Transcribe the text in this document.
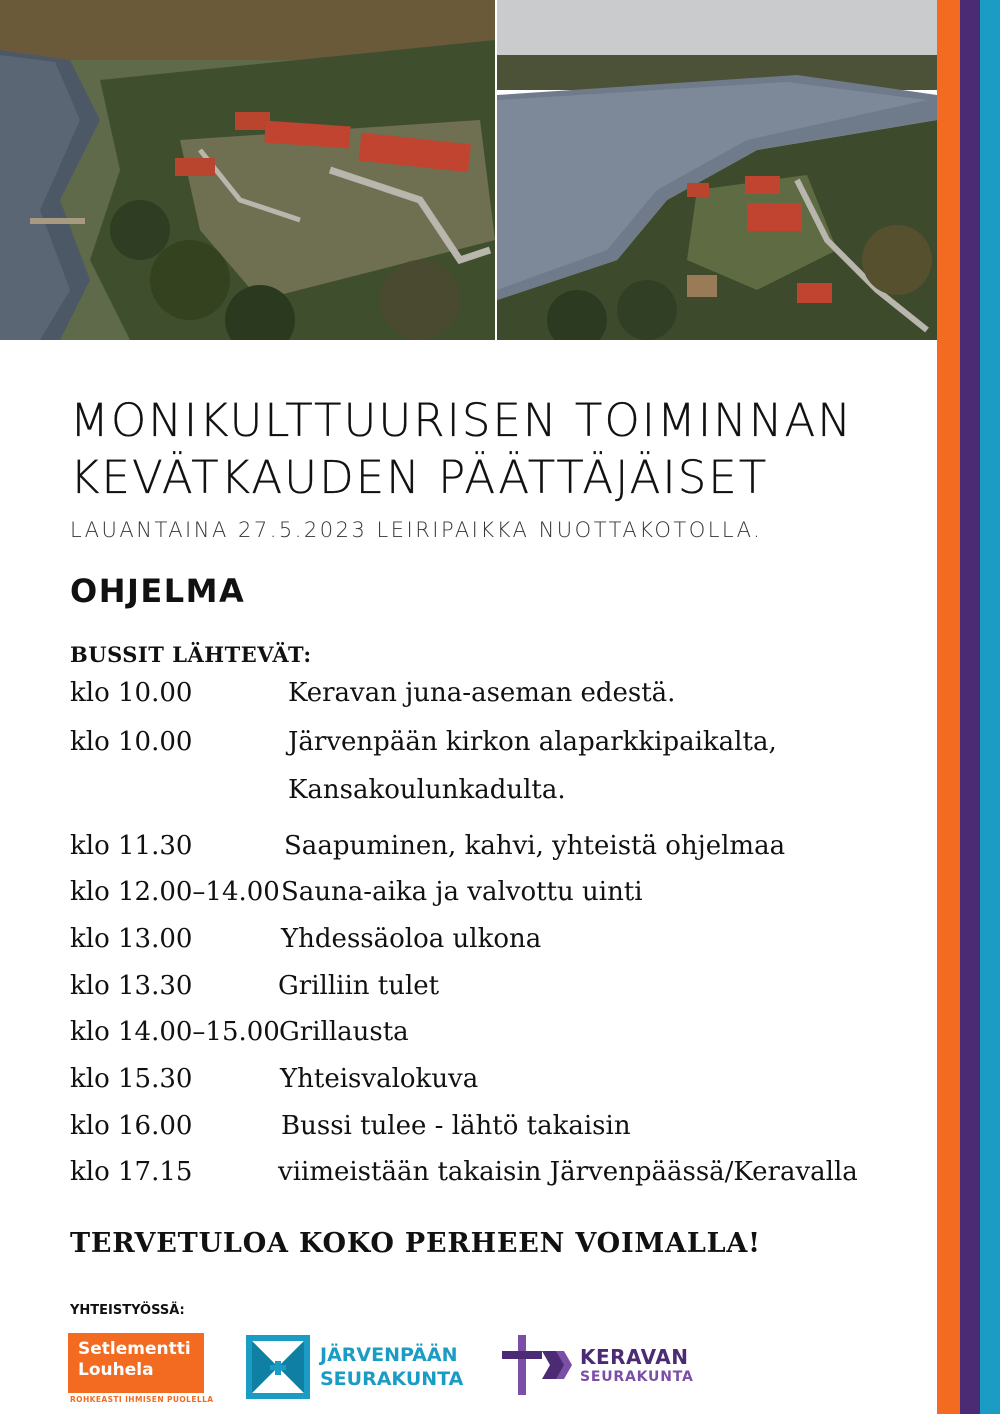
MONIKULTTUURISEN TOIMINNAN
KEVÄTKAUDEN PÄÄTTÄJÄISET
LAUANTAINA 27.5.2023 LEIRIPAIKKA NUOTTAKOTOLLA.
OHJELMA
BUSSIT LÄHTEVÄT:
klo 10.00	Keravan juna-aseman edestä.
klo 10.00	Järvenpään kirkon alaparkkipaikalta,
Kansakoulunkadulta.
klo 11.30	Saapuminen, kahvi, yhteistä ohjelmaa
klo 12.00–14.00 Sauna-aika ja valvottu uinti
klo 13.00	Yhdessäoloa ulkona
klo 13.30	Grilliin tulet
klo 14.00–15.00 Grillausta
klo 15.30	Yhteisvalokuva
klo 16.00	Bussi tulee - lähtö takaisin
klo 17.15	viimeistään takaisin Järvenpäässä/Keravalla
TERVETULOA KOKO PERHEEN VOIMALLA!
YHTEISTYÖSSÄ:
Setlementti
Louhela
ROHKEASTI IHMISEN PUOLELLA
JÄRVENPÄÄN
SEURAKUNTA
KERAVAN
SEURAKUNTA
